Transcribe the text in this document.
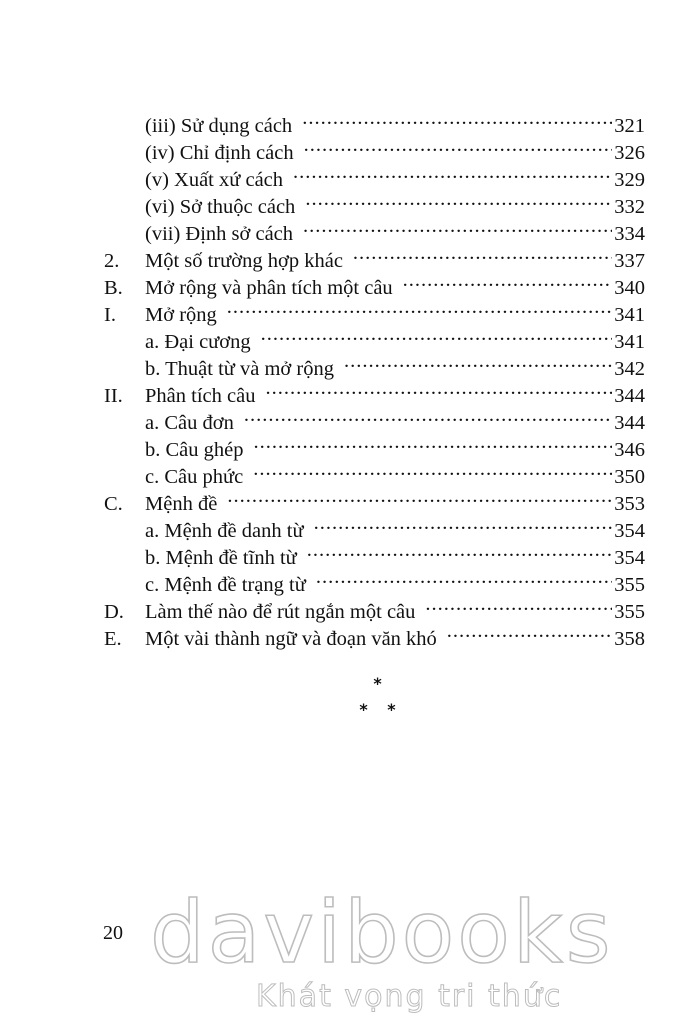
(iii) Sử dụng cách .....	321
(iv) Chỉ định cách .....	326
(v) Xuất xứ cách .....	329
(vi) Sở thuộc cách .....	332
(vii) Định sở cách .....	334
2.	Một số trường hợp khác .....	337
B.	Mở rộng và phân tích một câu .....	340
I.	Mở rộng .....	341
a. Đại cương .....	341
b. Thuật từ và mở rộng .....	342
II.	Phân tích câu .....	344
a. Câu đơn .....	344
b. Câu ghép .....	346
c. Câu phức .....	350
C.	Mệnh đề .....	353
a. Mệnh đề danh từ .....	354
b. Mệnh đề tĩnh từ .....	354
c. Mệnh đề trạng từ .....	355
D.	Làm thế nào để rút ngắn một câu .....	355
E.	Một vài thành ngữ và đoạn văn khó .....	358
*
* *
20 davibooks
Khát vọng tri thức
